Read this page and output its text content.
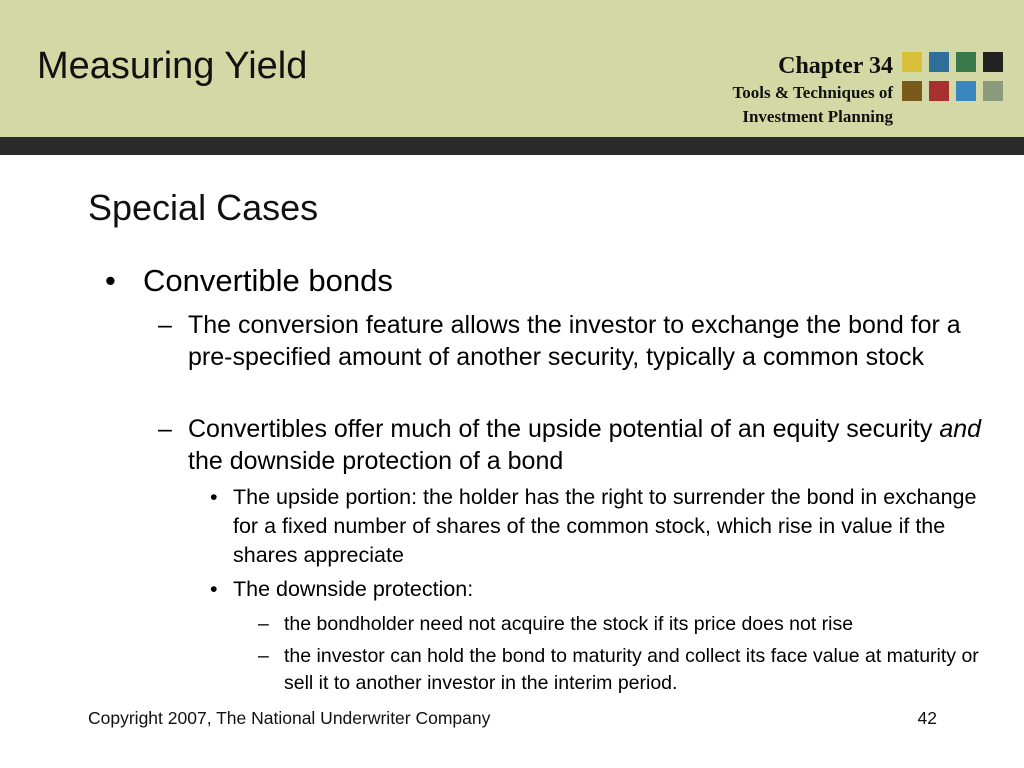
Measuring Yield	Chapter 34
Tools & Techniques of
Investment Planning
Special Cases
• Convertible bonds
– The conversion feature allows the investor to exchange the bond for a pre-specified amount of another security, typically a common stock
– Convertibles offer much of the upside potential of an equity security and the downside protection of a bond
• The upside portion: the holder has the right to surrender the bond in exchange for a fixed number of shares of the common stock, which rise in value if the shares appreciate
• The downside protection:
– the bondholder need not acquire the stock if its price does not rise
– the investor can hold the bond to maturity and collect its face value at maturity or sell it to another investor in the interim period.
Copyright 2007, The National Underwriter Company	42
